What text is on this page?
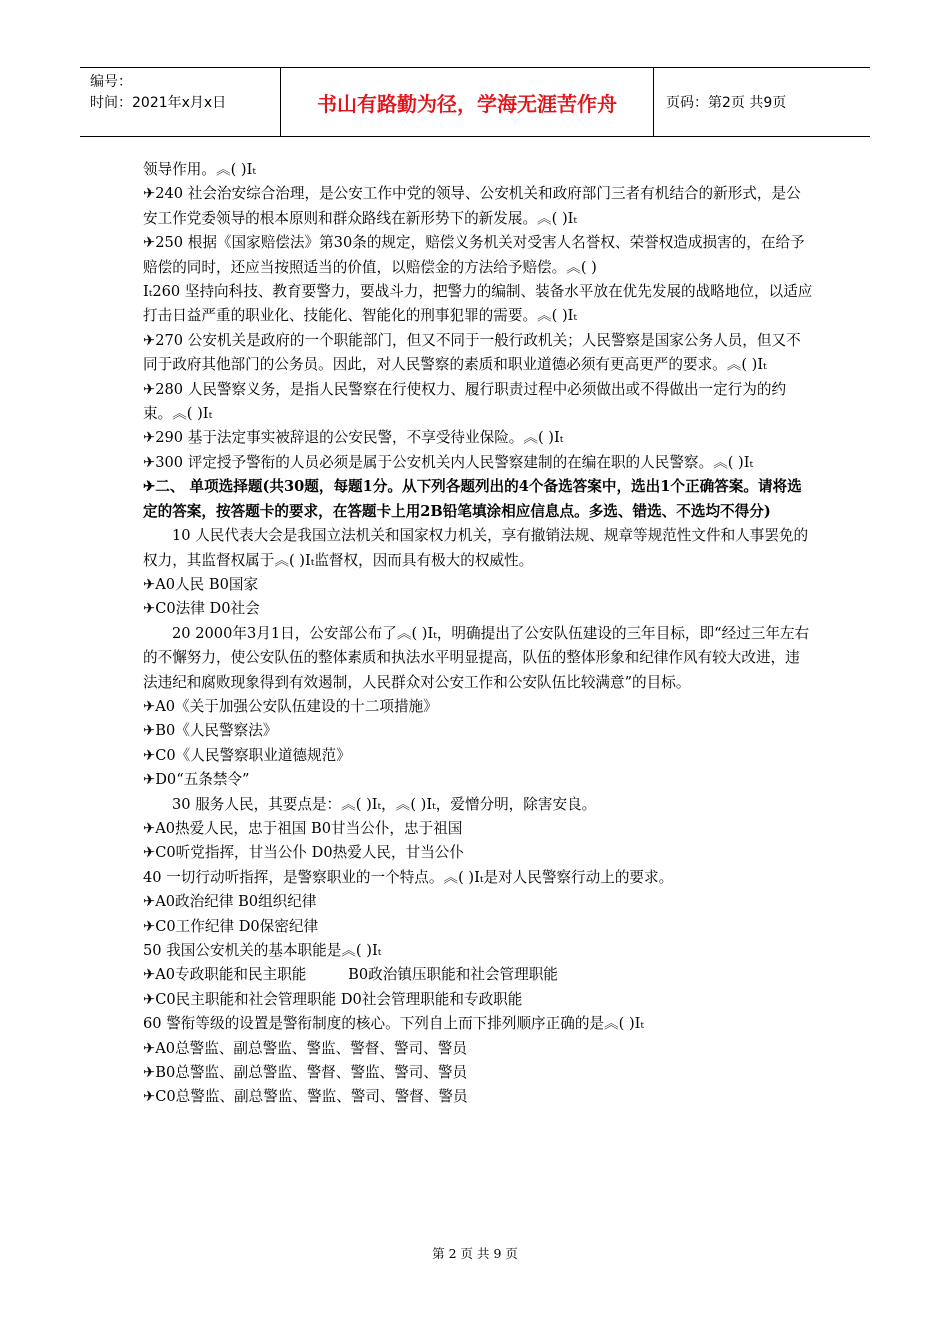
编号：
时间：2021年x月x日	书山有路勤为径，学海无涯苦作舟	页码：第2页 共9页

领导作用。︽( )Iₜ

✈240 社会治安综合治理，是公安工作中党的领导、公安机关和政府部门三者有机结合的新形式，是公安工作党委领导的根本原则和群众路线在新形势下的新发展。︽( )Iₜ

✈250 根据《国家赔偿法》第30条的规定，赔偿义务机关对受害人名誉权、荣誉权造成损害的，在给予赔偿的同时，还应当按照适当的价值，以赔偿金的方法给予赔偿。︽( )

Iₜ260 坚持向科技、教育要警力，要战斗力，把警力的编制、装备水平放在优先发展的战略地位，以适应打击日益严重的职业化、技能化、智能化的刑事犯罪的需要。︽( )Iₜ

✈270 公安机关是政府的一个职能部门，但又不同于一般行政机关；人民警察是国家公务人员，但又不同于政府其他部门的公务员。因此，对人民警察的素质和职业道德必须有更高更严的要求。︽( )Iₜ

✈280 人民警察义务，是指人民警察在行使权力、履行职责过程中必须做出或不得做出一定行为的约束。︽( )Iₜ

✈290 基于法定事实被辞退的公安民警，不享受待业保险。︽( )Iₜ

✈300 评定授予警衔的人员必须是属于公安机关内人民警察建制的在编在职的人民警察。︽( )Iₜ

✈二、 单项选择题(共30题，每题1分。从下列各题列出的4个备选答案中，选出1个正确答案。请将选定的答案，按答题卡的要求，在答题卡上用2B铅笔填涂相应信息点。多选、错选、不选均不得分)

10 人民代表大会是我国立法机关和国家权力机关，享有撤销法规、规章等规范性文件和人事罢免的权力，其监督权属于︽( )Iₜ监督权，因而具有极大的权威性。

✈A0人民 B0国家

✈C0法律 D0社会

20 2000年3月1日，公安部公布了︽( )Iₜ，明确提出了公安队伍建设的三年目标，即“经过三年左右的不懈努力，使公安队伍的整体素质和执法水平明显提高，队伍的整体形象和纪律作风有较大改进，违法违纪和腐败现象得到有效遏制，人民群众对公安工作和公安队伍比较满意”的目标。

✈A0《关于加强公安队伍建设的十二项措施》

✈B0《人民警察法》

✈C0《人民警察职业道德规范》

✈D0“五条禁令”

30 服务人民，其要点是：︽( )Iₜ，︽( )Iₜ，爱憎分明，除害安良。

✈A0热爱人民，忠于祖国 B0甘当公仆，忠于祖国

✈C0听党指挥，甘当公仆 D0热爱人民，甘当公仆

40 一切行动听指挥，是警察职业的一个特点。︽( )Iₜ是对人民警察行动上的要求。

✈A0政治纪律 B0组织纪律

✈C0工作纪律 D0保密纪律

50 我国公安机关的基本职能是︽( )Iₜ

✈A0专政职能和民主职能         B0政治镇压职能和社会管理职能

✈C0民主职能和社会管理职能 D0社会管理职能和专政职能

60 警衔等级的设置是警衔制度的核心。下列自上而下排列顺序正确的是︽( )Iₜ

✈A0总警监、副总警监、警监、警督、警司、警员

✈B0总警监、副总警监、警督、警监、警司、警员

✈C0总警监、副总警监、警监、警司、警督、警员

第 2 页 共 9 页
